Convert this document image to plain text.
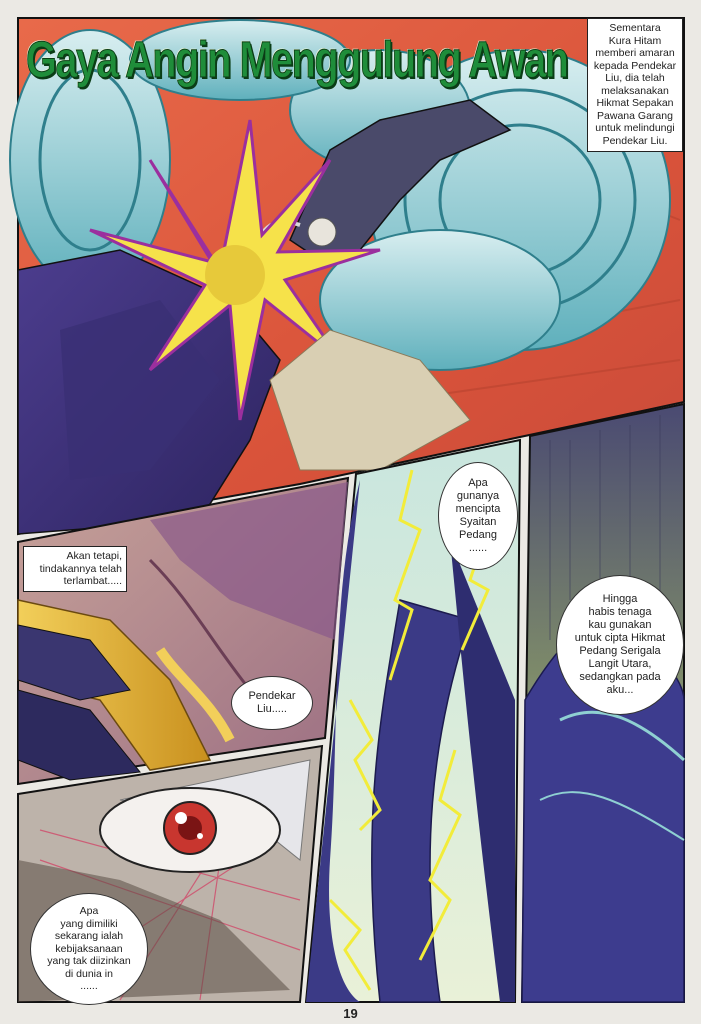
Gaya Angin Menggulung Awan
Sementara
Kura Hitam
memberi amaran
kepada Pendekar
Liu, dia telah
melaksanakan
Hikmat Sepakan
Pawana Garang
untuk melindungi
Pendekar Liu.
Akan tetapi,
tindakannya telah
terlambat.....
Apa
gunanya
mencipta
Syaitan
Pedang
......
Hingga
habis tenaga
kau gunakan
untuk cipta Hikmat
Pedang Serigala
Langit Utara,
sedangkan pada
aku...
Pendekar
Liu.....
Apa
yang dimiliki
sekarang ialah
kebijaksanaan
yang tak diizinkan
di dunia in
......
19
